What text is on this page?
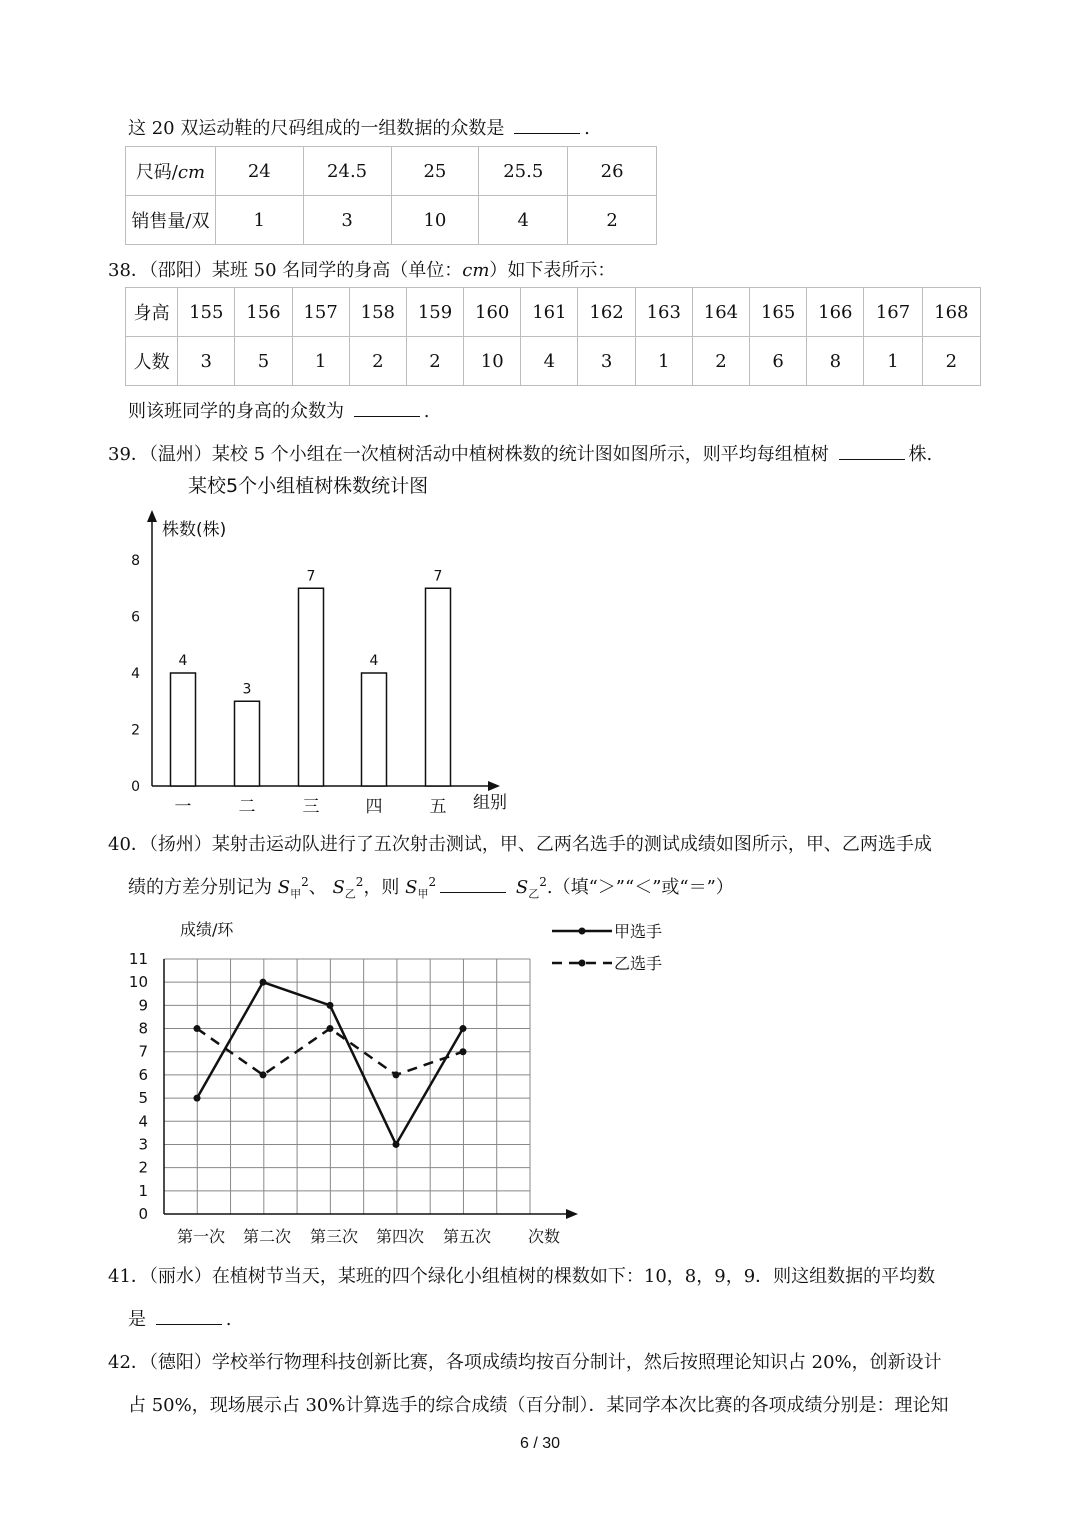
这 20 双运动鞋的尺码组成的一组数据的众数是	.
尺码/cm	24	24.5	25	25.5	26
销售量/双	1	3	10	4	2
38．（邵阳）某班 50 名同学的身高（单位：cm）如下表所示：
身高	155	156	157	158	159	160	161	162	163	164	165	166	167	168
人数	3	5	1	2	2	10	4	3	1	2	6	8	1	2
则该班同学的身高的众数为	.
39．（温州）某校 5 个小组在一次植树活动中植树株数的统计图如图所示，则平均每组植树	株.
某校5个小组植树株数统计图
株数(株)
组别
0
2
4
6
8
4
一
3
二
7
三
4
四
7
五
40．（扬州）某射击运动队进行了五次射击测试，甲、乙两名选手的测试成绩如图所示，甲、乙两选手成
绩的方差分别记为 $S_甲^2$、 $S_乙^2$，则 $S_甲^2$	$S_乙^2$.（填“＞”“＜”或“＝”）
成绩/环
次数
0
1
2
3
4
5
6
7
8
9
10
11
第一次 第二次 第三次 第四次 第五次
甲选手
乙选手
41．（丽水）在植树节当天，某班的四个绿化小组植树的棵数如下：10，8，9，9．则这组数据的平均数
是	.
42．（德阳）学校举行物理科技创新比赛，各项成绩均按百分制计，然后按照理论知识占 20%，创新设计
占 50%，现场展示占 30%计算选手的综合成绩（百分制）．某同学本次比赛的各项成绩分别是：理论知
6 / 30
